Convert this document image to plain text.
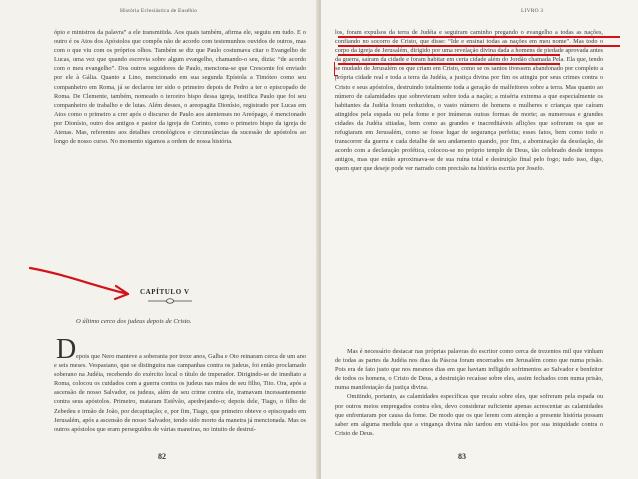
História Eclesiástica de Eusébio

ópio e ministros da palavra” a ele transmitida. Aos quais também, afirma ele, seguiu em tudo. E o outro é os Atos dos Apóstolos que compôs não de acordo com testemunhos ouvidos de outros, mas com o que viu com os próprios olhos. Também se diz que Paulo costumava citar o Evangelho de Lucas, uma vez que quando escrevia sobre algum evangelho, chamando-o seu, dizia: “de acordo com o meu evangelho”. Dos outros seguidores de Paulo, menciona-se que Crescente foi enviado por ele à Gália. Quanto a Lino, mencionado em sua segunda Epístola a Timóteo como seu companheiro em Roma, já se declarou ter sido o primeiro depois de Pedro a ter o episcopado de Roma. De Clemente, também, nomeado o terceiro bispo dessa igreja, testifica Paulo que foi seu companheiro de trabalho e de lutas. Além desses, o areopagita Dionísio, registrado por Lucas em Atos como o primeiro a crer após o discurso de Paulo aos atenienses no Areópago, é mencionado por Dionísio, outro dos antigos e pastor da igreja de Corinto, como o primeiro bispo da igreja de Atenas. Mas, referentes aos detalhes cronológicos e circunstâncias da sucessão de apóstolos ao longo de nosso curso. No momento sigamos a ordem de nossa história.

CAPÍTULO V
O último cerco dos judeus depois de Cristo.
D epois que Nero manteve a soberania por treze anos, Galba e Oto reinaram cerca de um ano e seis meses. Vespasiano, que se distinguira nas campanhas contra os judeus, foi então proclamado soberano na Judéia, recebendo do exército local o título de imperador. Dirigindo-se de imediato a Roma, colocou os cuidados com a guerra contra os judeus nas mãos de seu filho, Tito. Ora, após a ascensão de nosso Salvador, os judeus, além de seu crime contra ele, tramavam incessantemente contra seus apóstolos. Primeiro, mataram Estêvão, apedrejando-o; depois dele, Tiago, o filho de Zebedeu e irmão de João, por decapitação; e, por fim, Tiago, que primeiro obteve o episcopado em Jerusalém, após a ascensão de nosso Salvador, tendo sido morto da maneira já mencionada. Mas os outros apóstolos que eram perseguidos de várias maneiras, no intuito de destruí-

82
LIVRO 3

los, foram expulsos da terra de Judéia e seguiram caminho pregando o evangelho a todas as nações, confiando no socorro de Cristo, que disse: “Ide e ensinai todas as nações em meu nome”. Mas todo o corpo da igreja de Jerusalém, dirigido por uma revelação divina dada a homens de piedade aprovada antes da guerra, saíram da cidade e foram habitar em certa cidade além do Jordão chamada Pela. Ela que, tendo se mudado de Jerusalém os que criam em Cristo, como se os santos tivessem abandonado por completo a própria cidade real e toda a terra da Judéia, a justiça divina por fim os atingiu por seus crimes contra o Cristo e seus apóstolos, destruindo totalmente toda a geração de malfeitores sobre a terra. Mas quanto ao número de calamidades que sobrevieram sobre toda a nação; a miséria extrema a que especialmente os habitantes da Judéia foram reduzidos, o vasto número de homens e mulheres e crianças que caíram atingidos pela espada ou pela fome e por inúmeras outras formas de morte; as numerosas e grandes cidades da Judéia sitiadas, bem como as grandes e inacreditáveis aflições que sofreram os que se refugiaram em Jerusalém, como se fosse lugar de segurança perfeita; esses fatos, bem como todo o transcorrer da guerra e cada detalhe de seu andamento quando, por fim, a abominação da desolação, de acordo com a declaração profética, colocou-se no próprio templo de Deus, tão celebrado desde tempos antigos, mas que então aproximava-se de sua ruína total e destruição final pelo fogo; tudo isso, digo, quem quer que deseje pode ver narrado com precisão na história escrita por Josefo.

Mas é necessário destacar nas próprias palavras do escritor como cerca de trezentos mil que vinham de todas as partes da Judéia nos dias da Páscoa foram encerrados em Jerusalém como que numa prisão. Pois era de fato justo que nos mesmos dias em que haviam infligido sofrimentos ao Salvador e benfeitor de todos os homens, o Cristo de Deus, a destruição recaísse sobre eles, assim fechados com numa prisão, numa manifestação da justiça divina.

Omitindo, portanto, as calamidades específicas que recaíu sobre eles, que sofreram pela espada ou por outros meios empregados contra eles, devo considerar suficiente apenas acrescentar as calamidades que enfrentaram por causa da fome. De modo que os que lerem com atenção a presente história possam saber em alguma medida que a vingança divina não tardou em visitá-los por sua iniquidade contra o Cristo de Deus.

83
